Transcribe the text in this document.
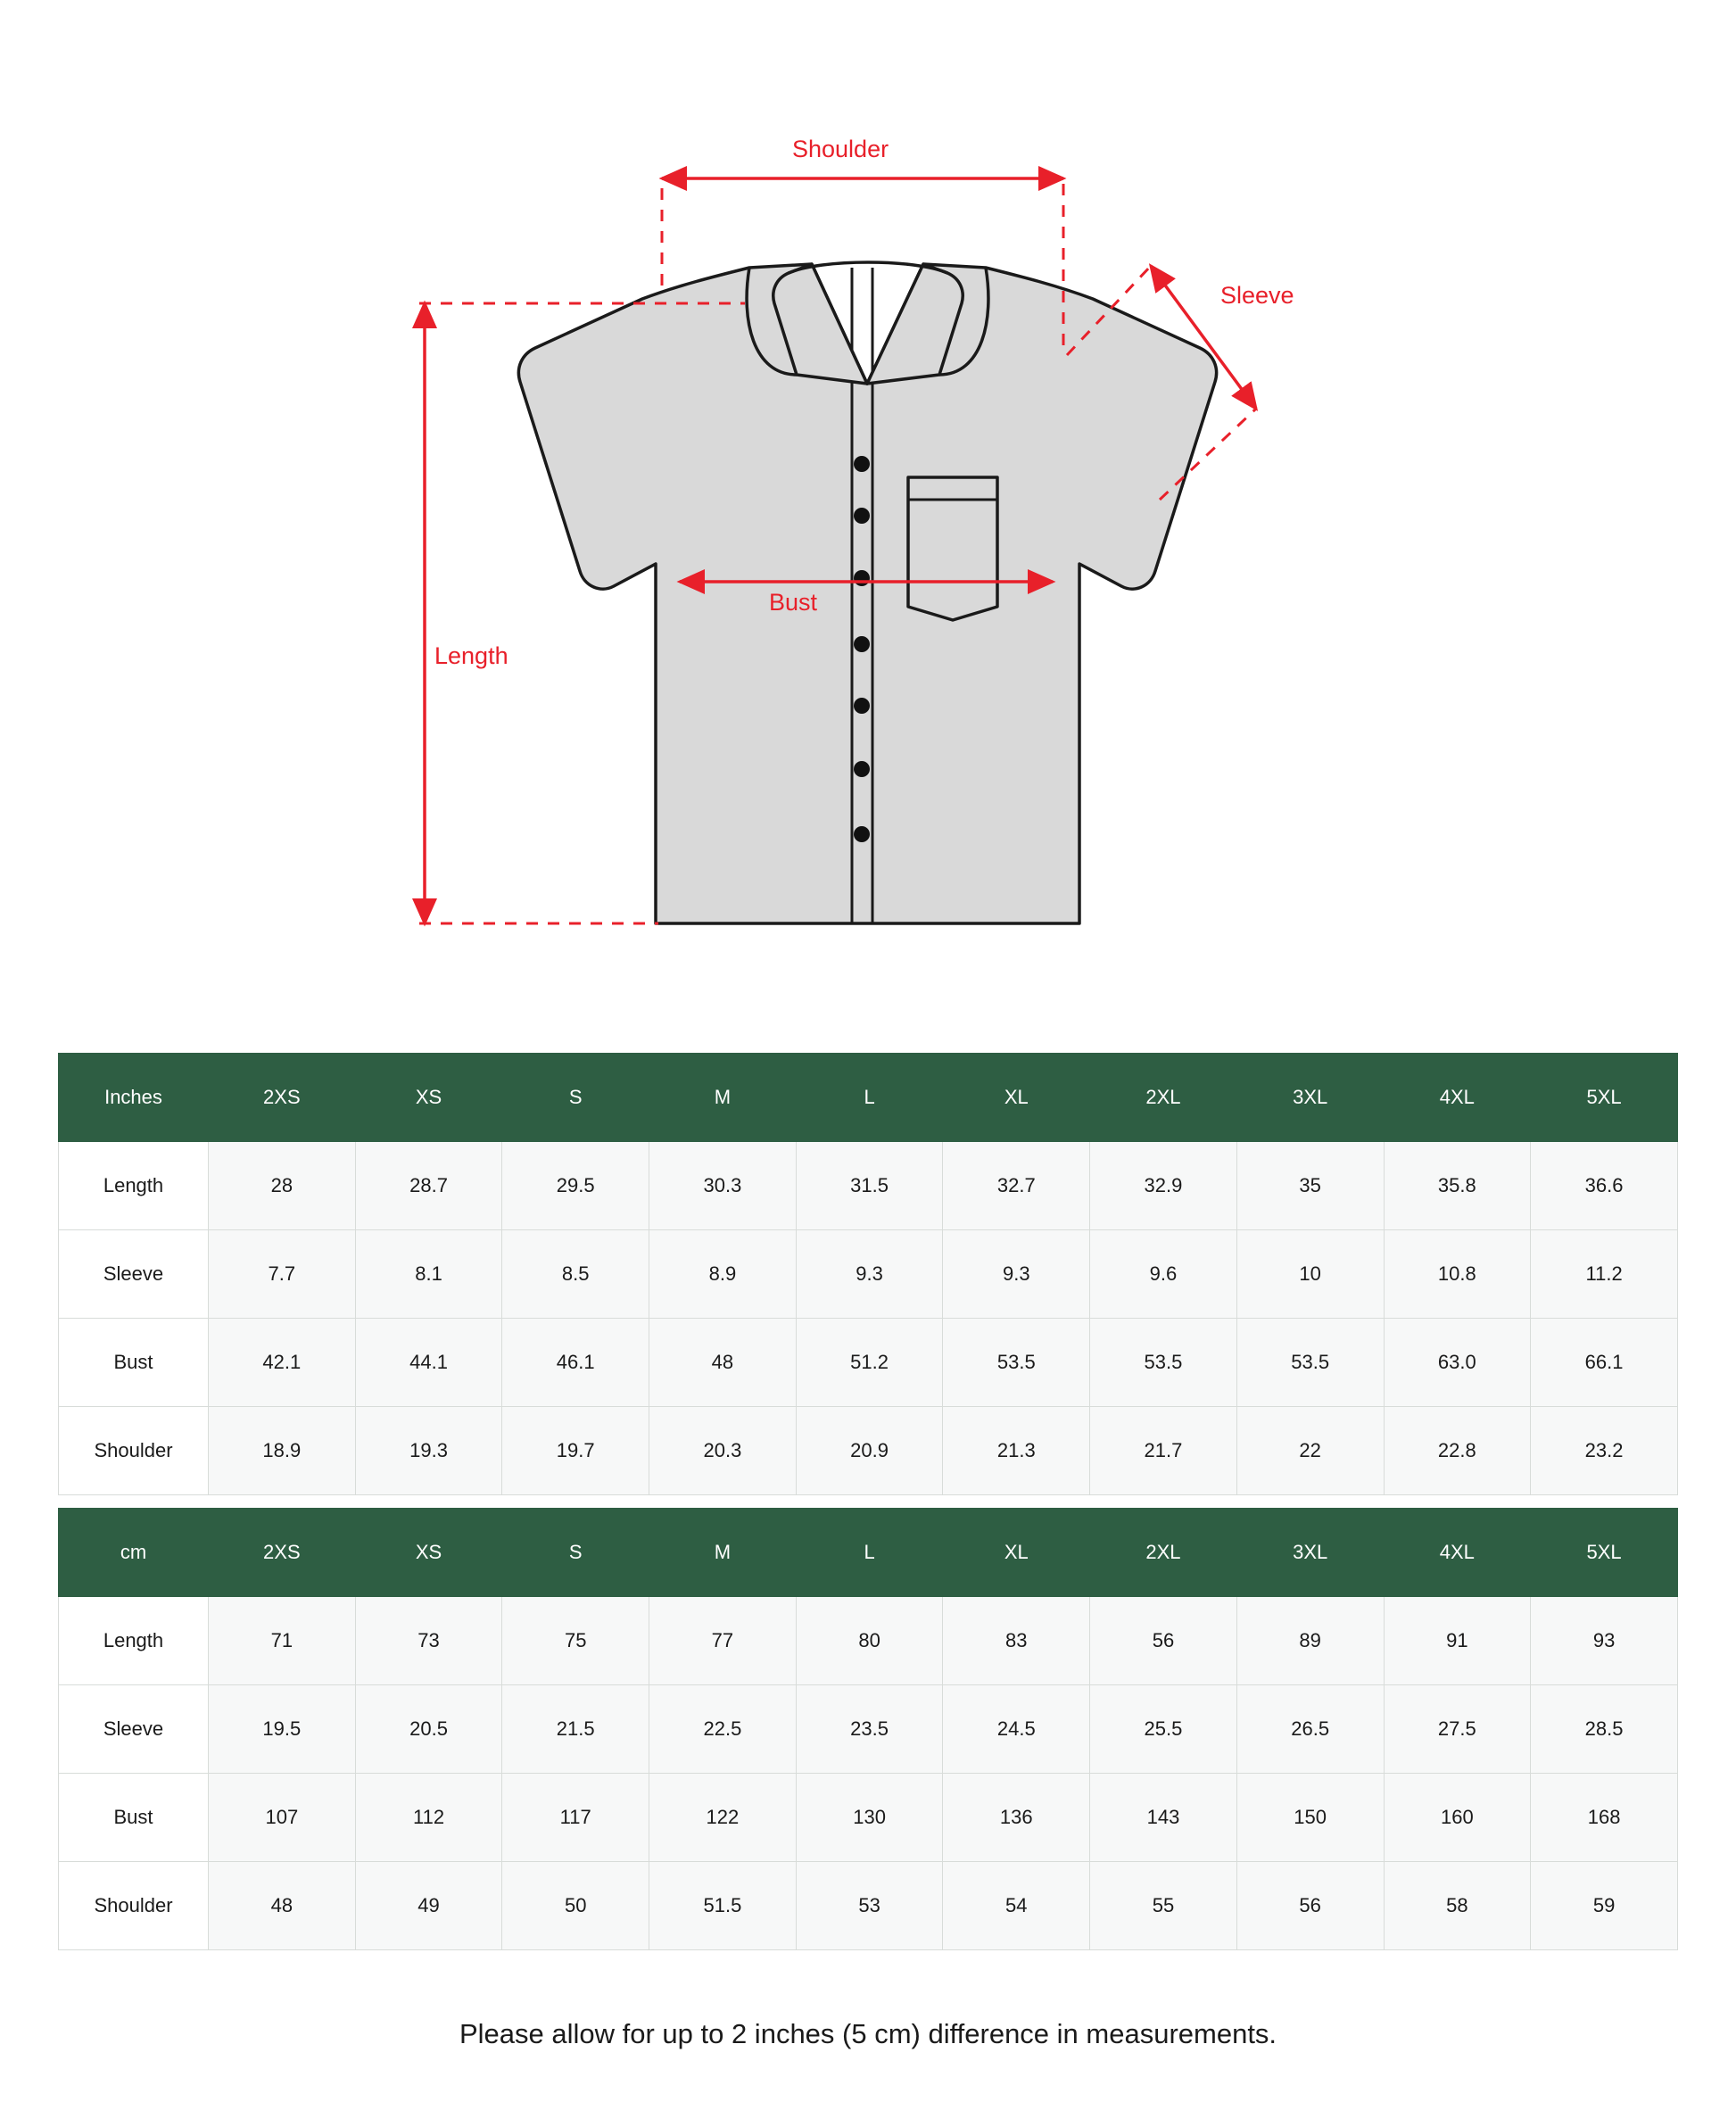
Shoulder
Sleeve
Bust
Length
Inches	2XS	XS	S	M	L	XL	2XL	3XL	4XL	5XL
Length	28	28.7	29.5	30.3	31.5	32.7	32.9	35	35.8	36.6
Sleeve	7.7	8.1	8.5	8.9	9.3	9.3	9.6	10	10.8	11.2
Bust	42.1	44.1	46.1	48	51.2	53.5	53.5	53.5	63.0	66.1
Shoulder	18.9	19.3	19.7	20.3	20.9	21.3	21.7	22	22.8	23.2
cm	2XS	XS	S	M	L	XL	2XL	3XL	4XL	5XL
Length	71	73	75	77	80	83	56	89	91	93
Sleeve	19.5	20.5	21.5	22.5	23.5	24.5	25.5	26.5	27.5	28.5
Bust	107	112	117	122	130	136	143	150	160	168
Shoulder	48	49	50	51.5	53	54	55	56	58	59
Please allow for up to 2 inches (5 cm) difference in measurements.
